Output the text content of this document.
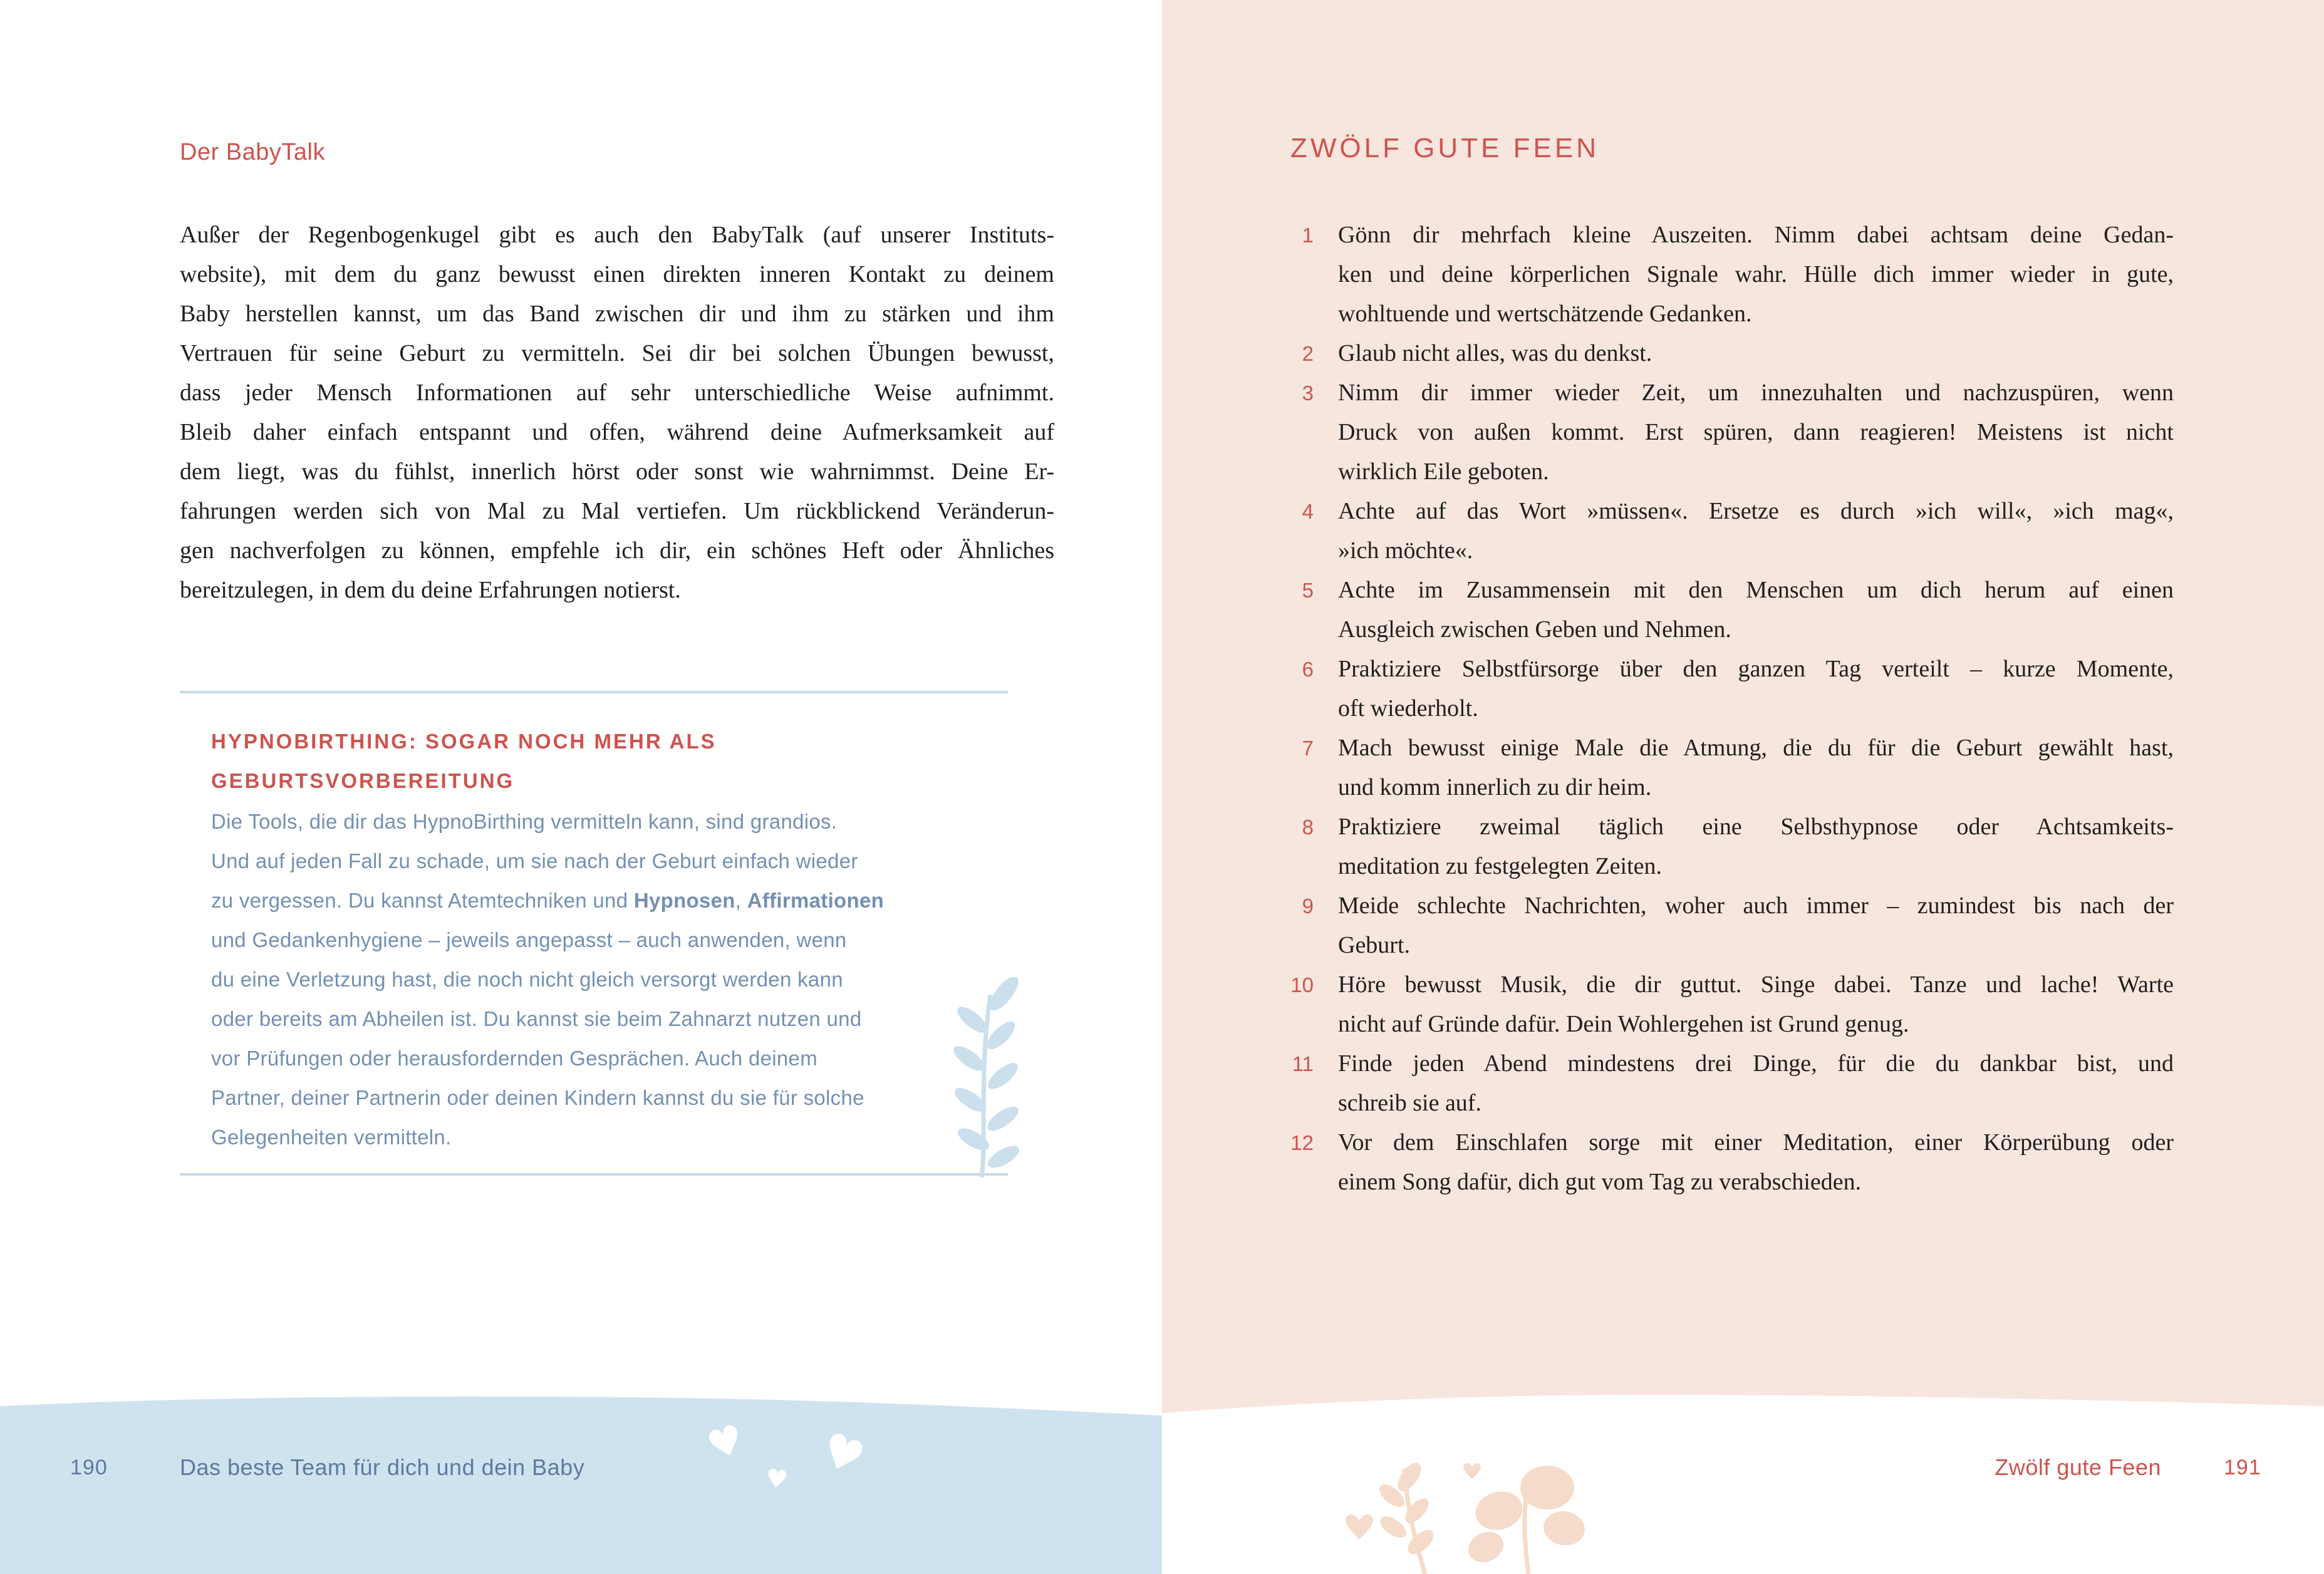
Der BabyTalk
Außer der Regenbogenkugel gibt es auch den BabyTalk (auf unserer Instituts-
website), mit dem du ganz bewusst einen direkten inneren Kontakt zu deinem
Baby herstellen kannst, um das Band zwischen dir und ihm zu stärken und ihm
Vertrauen für seine Geburt zu vermitteln. Sei dir bei solchen Übungen bewusst,
dass jeder Mensch Informationen auf sehr unterschiedliche Weise aufnimmt.
Bleib daher einfach entspannt und offen, während deine Aufmerksamkeit auf
dem liegt, was du fühlst, innerlich hörst oder sonst wie wahrnimmst. Deine Er-
fahrungen werden sich von Mal zu Mal vertiefen. Um rückblickend Veränderun-
gen nachverfolgen zu können, empfehle ich dir, ein schönes Heft oder Ähnliches
bereitzulegen, in dem du deine Erfahrungen notierst.
HYPNOBIRTHING: SOGAR NOCH MEHR ALS
GEBURTSVORBEREITUNG
Die Tools, die dir das HypnoBirthing vermitteln kann, sind grandios.
Und auf jeden Fall zu schade, um sie nach der Geburt einfach wieder
zu vergessen. Du kannst Atemtechniken und Hypnosen, Affirmationen
und Gedankenhygiene – jeweils angepasst – auch anwenden, wenn
du eine Verletzung hast, die noch nicht gleich versorgt werden kann
oder bereits am Abheilen ist. Du kannst sie beim Zahnarzt nutzen und
vor Prüfungen oder herausfordernden Gesprächen. Auch deinem
Partner, deiner Partnerin oder deinen Kindern kannst du sie für solche
Gelegenheiten vermitteln.
♥
♥ ♥
190	Das beste Team für dich und dein Baby
ZWÖLF GUTE FEEN
1 Gönn dir mehrfach kleine Auszeiten. Nimm dabei achtsam deine Gedan-
ken und deine körperlichen Signale wahr. Hülle dich immer wieder in gute,
wohltuende und wertschätzende Gedanken.
2 Glaub nicht alles, was du denkst.
3 Nimm dir immer wieder Zeit, um innezuhalten und nachzuspüren, wenn
Druck von außen kommt. Erst spüren, dann reagieren! Meistens ist nicht
wirklich Eile geboten.
4 Achte auf das Wort »müssen«. Ersetze es durch »ich will«, »ich mag«,
»ich möchte«.
5 Achte im Zusammensein mit den Menschen um dich herum auf einen
Ausgleich zwischen Geben und Nehmen.
6 Praktiziere Selbstfürsorge über den ganzen Tag verteilt – kurze Momente,
oft wiederholt.
7 Mach bewusst einige Male die Atmung, die du für die Geburt gewählt hast,
und komm innerlich zu dir heim.
8 Praktiziere zweimal täglich eine Selbsthypnose oder Achtsamkeits-
meditation zu festgelegten Zeiten.
9 Meide schlechte Nachrichten, woher auch immer – zumindest bis nach der
Geburt.
10 Höre bewusst Musik, die dir guttut. Singe dabei. Tanze und lache! Warte
nicht auf Gründe dafür. Dein Wohlergehen ist Grund genug.
11 Finde jeden Abend mindestens drei Dinge, für die du dankbar bist, und
schreib sie auf.
12 Vor dem Einschlafen sorge mit einer Meditation, einer Körperübung oder
einem Song dafür, dich gut vom Tag zu verabschieden.
Zwölf gute Feen	191
